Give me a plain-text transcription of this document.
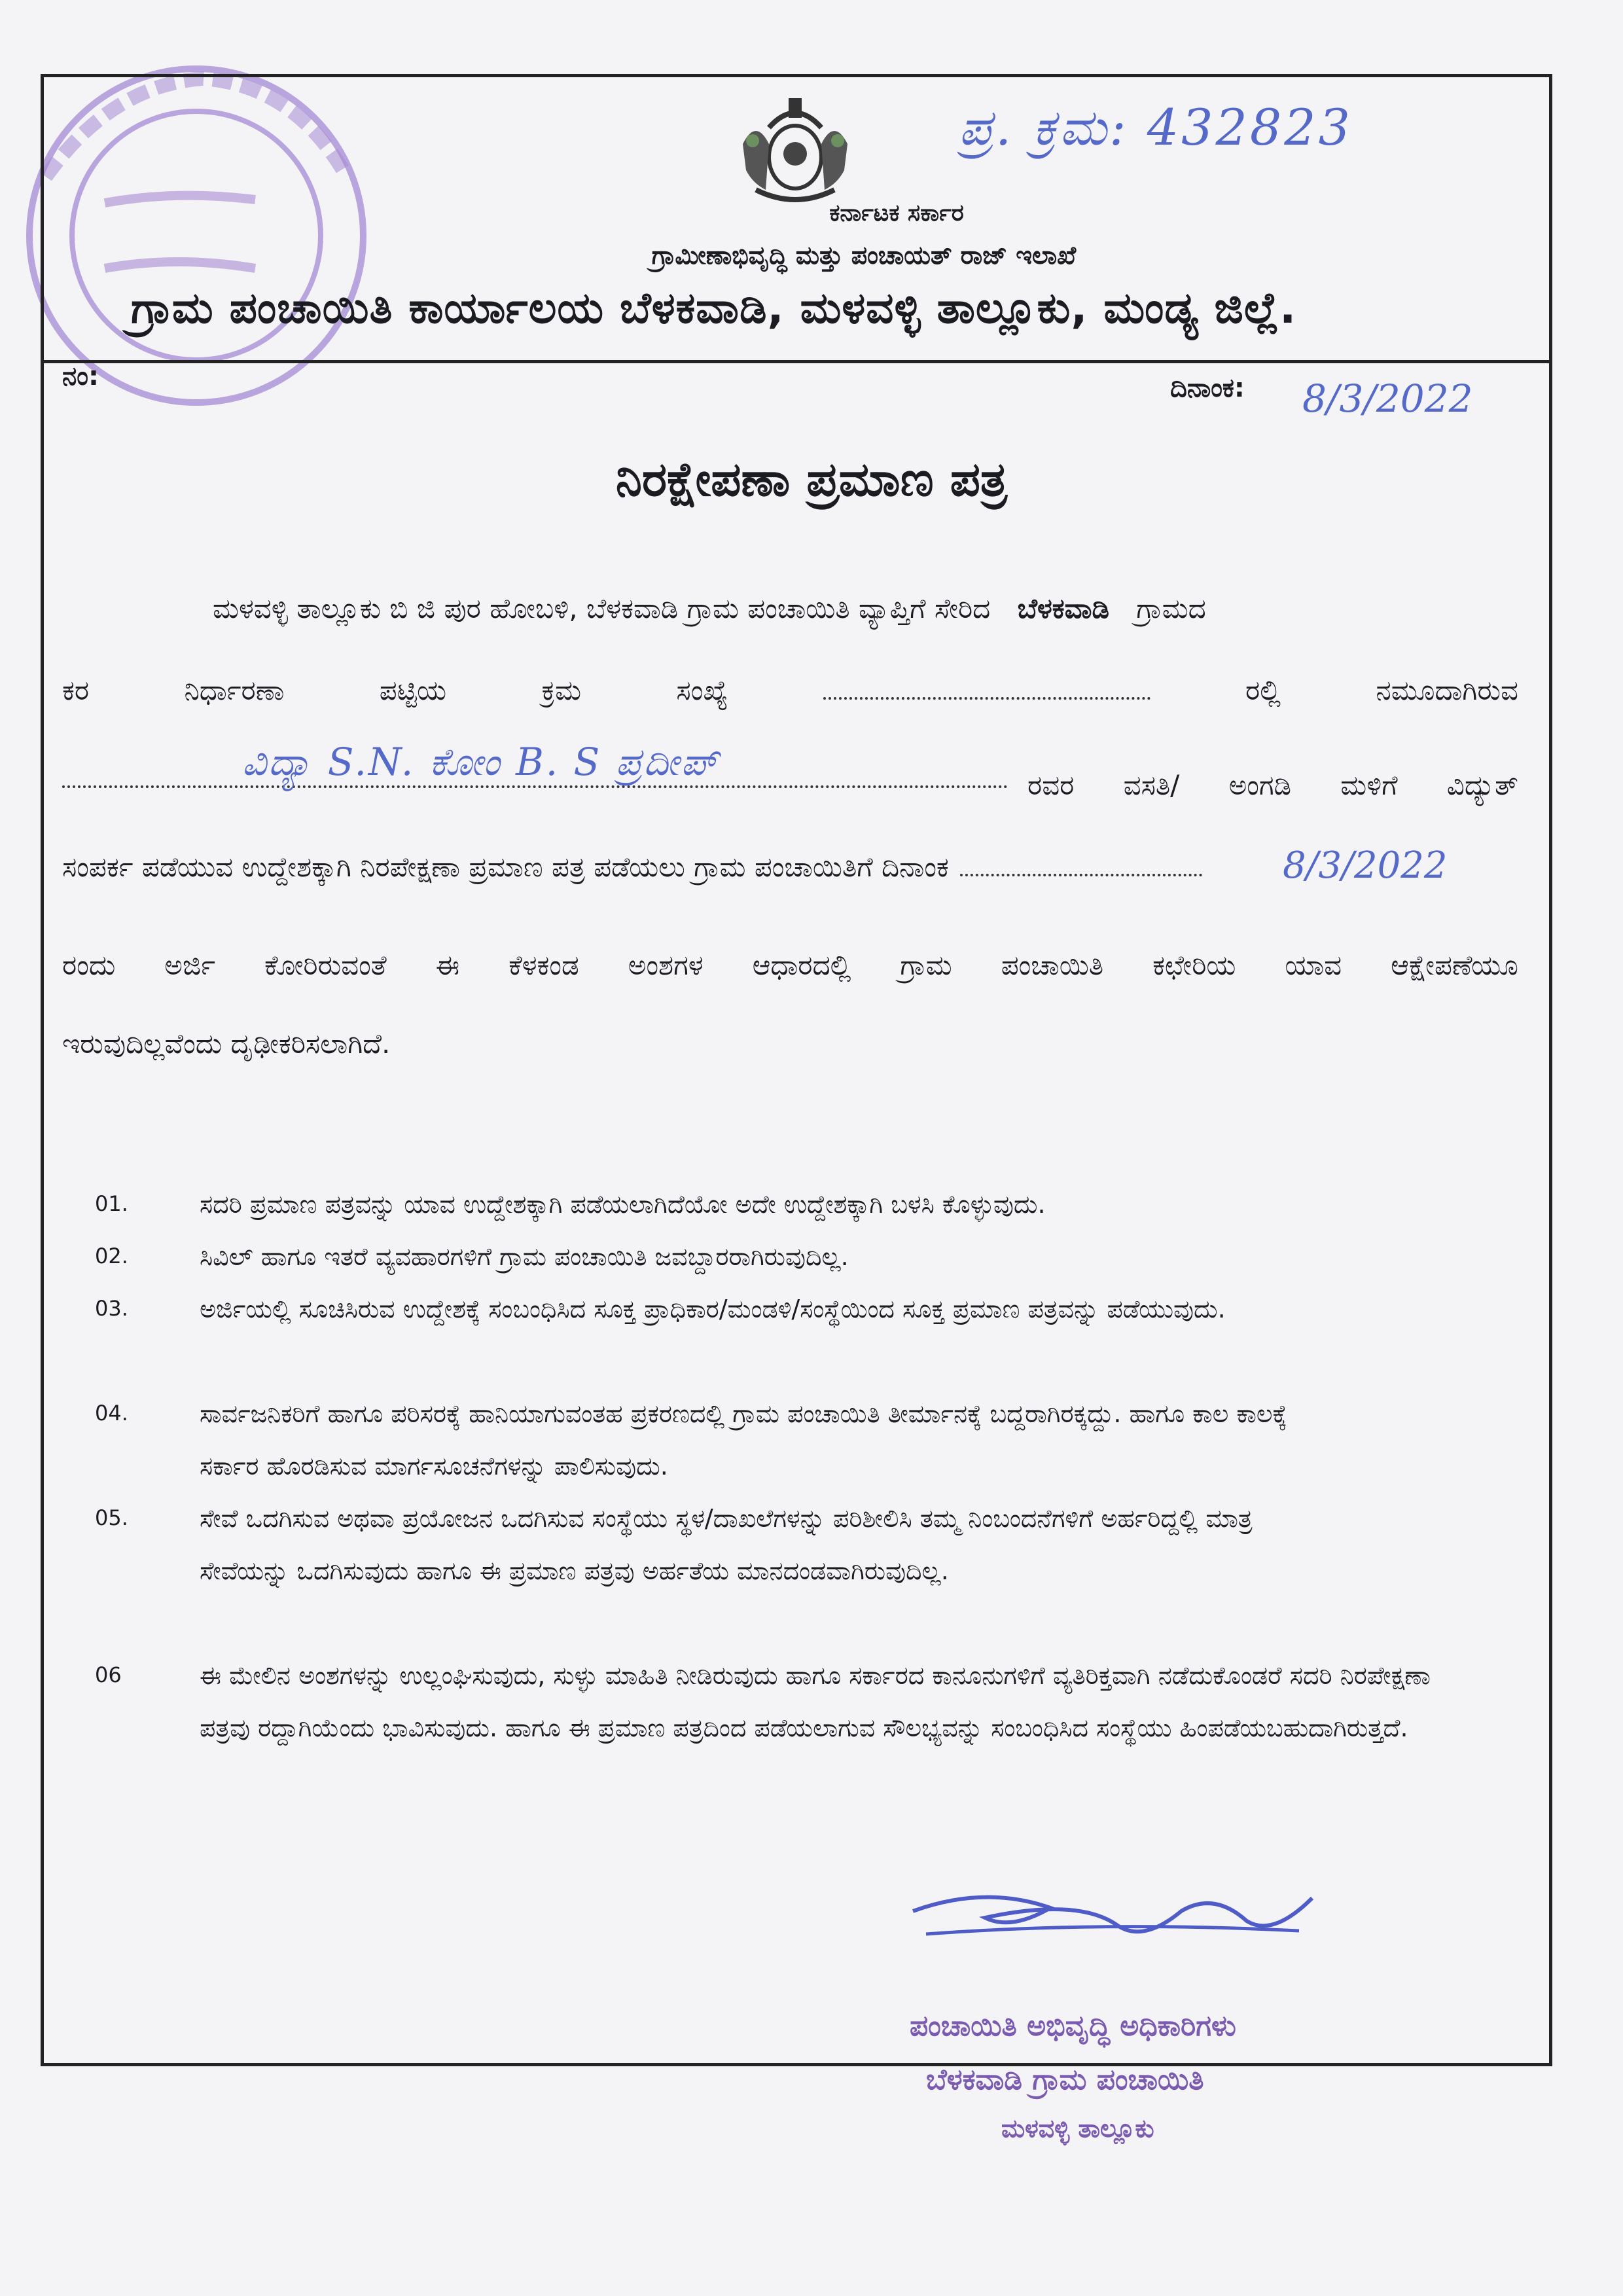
ಪ್ರ. ಕ್ರಮ: 432823
ಕರ್ನಾಟಕ ಸರ್ಕಾರ
ಗ್ರಾಮೀಣಾಭಿವೃದ್ಧಿ ಮತ್ತು ಪಂಚಾಯತ್ ರಾಜ್ ಇಲಾಖೆ
ಗ್ರಾಮ ಪಂಚಾಯಿತಿ ಕಾರ್ಯಾಲಯ ಬೆಳಕವಾಡಿ, ಮಳವಳ್ಳಿ ತಾಲ್ಲೂಕು, ಮಂಡ್ಯ ಜಿಲ್ಲೆ.
ನಂ:	ದಿನಾಂಕ: 8/3/2022
ನಿರಕ್ಷೇಪಣಾ ಪ್ರಮಾಣ ಪತ್ರ
ಮಳವಳ್ಳಿ ತಾಲ್ಲೂಕು ಬಿ ಜಿ ಪುರ ಹೋಬಳಿ, ಬೆಳಕವಾಡಿ ಗ್ರಾಮ ಪಂಚಾಯಿತಿ ವ್ಯಾಪ್ತಿಗೆ ಸೇರಿದ ಬೆಳಕವಾಡಿ ಗ್ರಾಮದ
ಕರ	ನಿರ್ಧಾರಣಾ	ಪಟ್ಟಿಯ	ಕ್ರಮ	ಸಂಖ್ಯೆ	ರಲ್ಲಿ	ನಮೂದಾಗಿರುವ
ವಿದ್ಯಾ S.N. ಕೋಂ B. S ಪ್ರದೀಪ್
ರವರ ವಸತಿ/ ಅಂಗಡಿ ಮಳಿಗೆ ವಿದ್ಯುತ್
ಸಂಪರ್ಕ ಪಡೆಯುವ ಉದ್ದೇಶಕ್ಕಾಗಿ ನಿರಪೇಕ್ಷಣಾ ಪ್ರಮಾಣ ಪತ್ರ ಪಡೆಯಲು ಗ್ರಾಮ ಪಂಚಾಯಿತಿಗೆ ದಿನಾಂಕ	8/3/2022
ರಂದು ಅರ್ಜಿ ಕೋರಿರುವಂತೆ ಈ ಕೆಳಕಂಡ ಅಂಶಗಳ ಆಧಾರದಲ್ಲಿ ಗ್ರಾಮ ಪಂಚಾಯಿತಿ ಕಛೇರಿಯ ಯಾವ ಆಕ್ಷೇಪಣೆಯೂ
ಇರುವುದಿಲ್ಲವೆಂದು ದೃಢೀಕರಿಸಲಾಗಿದೆ.
01.	ಸದರಿ ಪ್ರಮಾಣ ಪತ್ರವನ್ನು ಯಾವ ಉದ್ದೇಶಕ್ಕಾಗಿ ಪಡೆಯಲಾಗಿದೆಯೋ ಅದೇ ಉದ್ದೇಶಕ್ಕಾಗಿ ಬಳಸಿ ಕೊಳ್ಳುವುದು.
02.	ಸಿವಿಲ್ ಹಾಗೂ ಇತರೆ ವ್ಯವಹಾರಗಳಿಗೆ ಗ್ರಾಮ ಪಂಚಾಯಿತಿ ಜವಬ್ದಾರರಾಗಿರುವುದಿಲ್ಲ.
03.	ಅರ್ಜಿಯಲ್ಲಿ ಸೂಚಿಸಿರುವ ಉದ್ದೇಶಕ್ಕೆ ಸಂಬಂಧಿಸಿದ ಸೂಕ್ತ ಪ್ರಾಧಿಕಾರ/ಮಂಡಳಿ/ಸಂಸ್ಥೆಯಿಂದ ಸೂಕ್ತ ಪ್ರಮಾಣ ಪತ್ರವನ್ನು ಪಡೆಯುವುದು.
04.	ಸಾರ್ವಜನಿಕರಿಗೆ ಹಾಗೂ ಪರಿಸರಕ್ಕೆ ಹಾನಿಯಾಗುವಂತಹ ಪ್ರಕರಣದಲ್ಲಿ ಗ್ರಾಮ ಪಂಚಾಯಿತಿ ತೀರ್ಮಾನಕ್ಕೆ ಬದ್ದರಾಗಿರಕ್ಕದ್ದು. ಹಾಗೂ ಕಾಲ ಕಾಲಕ್ಕೆ ಸರ್ಕಾರ ಹೊರಡಿಸುವ ಮಾರ್ಗಸೂಚನೆಗಳನ್ನು ಪಾಲಿಸುವುದು.
05.	ಸೇವೆ ಒದಗಿಸುವ ಅಥವಾ ಪ್ರಯೋಜನ ಒದಗಿಸುವ ಸಂಸ್ಥೆಯು ಸ್ಥಳ/ದಾಖಲೆಗಳನ್ನು ಪರಿಶೀಲಿಸಿ ತಮ್ಮ ನಿಂಬಂದನೆಗಳಿಗೆ ಅರ್ಹರಿದ್ದಲ್ಲಿ ಮಾತ್ರ ಸೇವೆಯನ್ನು ಒದಗಿಸುವುದು ಹಾಗೂ ಈ ಪ್ರಮಾಣ ಪತ್ರವು ಅರ್ಹತೆಯ ಮಾನದಂಡವಾಗಿರುವುದಿಲ್ಲ.
06	ಈ ಮೇಲಿನ ಅಂಶಗಳನ್ನು ಉಲ್ಲಂಘಿಸುವುದು, ಸುಳ್ಳು ಮಾಹಿತಿ ನೀಡಿರುವುದು ಹಾಗೂ ಸರ್ಕಾರದ ಕಾನೂನುಗಳಿಗೆ ವ್ಯತಿರಿಕ್ತವಾಗಿ ನಡೆದುಕೊಂಡರೆ ಸದರಿ ನಿರಪೇಕ್ಷಣಾ ಪತ್ರವು ರದ್ದಾಗಿಯೆಂದು ಭಾವಿಸುವುದು. ಹಾಗೂ ಈ ಪ್ರಮಾಣ ಪತ್ರದಿಂದ ಪಡೆಯಲಾಗುವ ಸೌಲಭ್ಯವನ್ನು ಸಂಬಂಧಿಸಿದ ಸಂಸ್ಥೆಯು ಹಿಂಪಡೆಯಬಹುದಾಗಿರುತ್ತದೆ.
ಪಂಚಾಯಿತಿ ಅಭಿವೃದ್ಧಿ ಅಧಿಕಾರಿಗಳು
ಬೆಳಕವಾಡಿ ಗ್ರಾಮ ಪಂಚಾಯಿತಿ
ಮಳವಳ್ಳಿ ತಾಲ್ಲೂಕು
